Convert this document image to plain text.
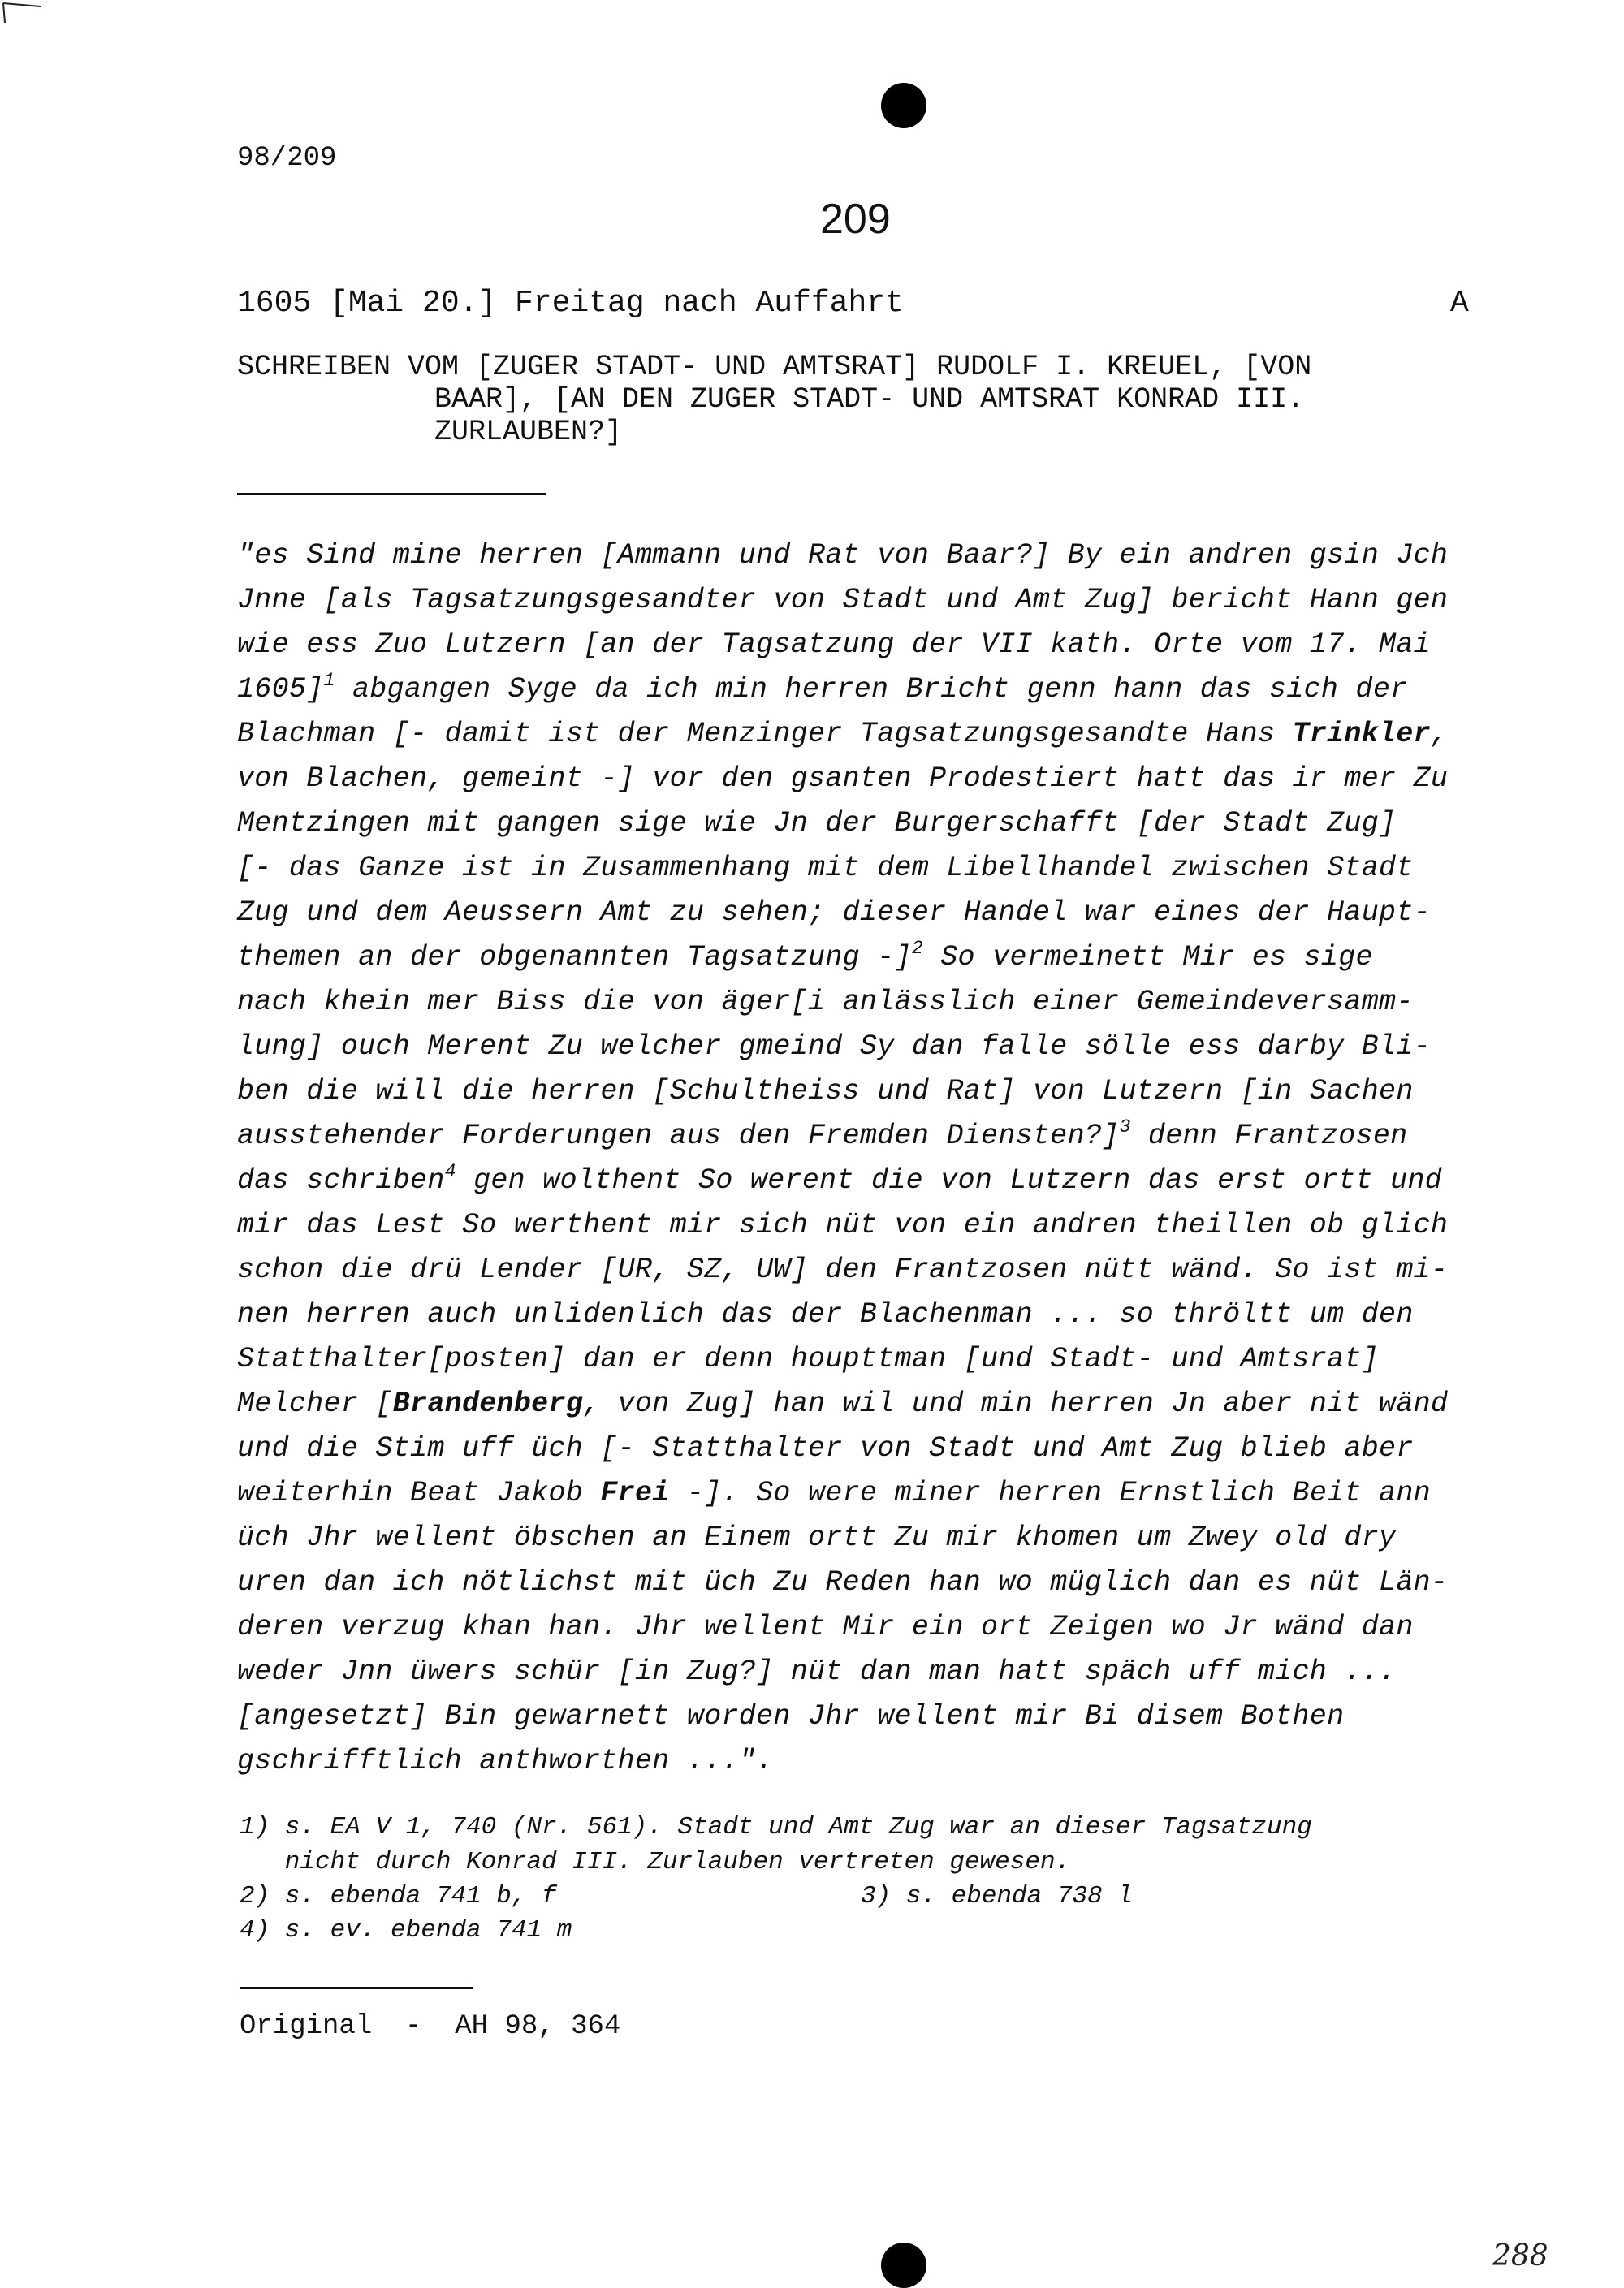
98/209
209
1605 [Mai 20.] Freitag nach Auffahrt	A
SCHREIBEN VOM [ZUGER STADT- UND AMTSRAT] RUDOLF I. KREUEL, [VON
BAAR], [AN DEN ZUGER STADT- UND AMTSRAT KONRAD III.
ZURLAUBEN?]
"es Sind mine herren [Ammann und Rat von Baar?] By ein andren gsin Jch
Jnne [als Tagsatzungsgesandter von Stadt und Amt Zug] bericht Hann gen
wie ess Zuo Lutzern [an der Tagsatzung der VII kath. Orte vom 17. Mai
1605]$^1$ abgangen Syge da ich min herren Bricht genn hann das sich der
Blachman [- damit ist der Menzinger Tagsatzungsgesandte Hans Trinkler,
von Blachen, gemeint -] vor den gsanten Prodestiert hatt das ir mer Zu
Mentzingen mit gangen sige wie Jn der Burgerschafft [der Stadt Zug]
[- das Ganze ist in Zusammenhang mit dem Libellhandel zwischen Stadt
Zug und dem Aeussern Amt zu sehen; dieser Handel war eines der Haupt-
themen an der obgenannten Tagsatzung -]$^2$ So vermeinett Mir es sige
nach khein mer Biss die von äger[i anlässlich einer Gemeindeversamm-
lung] ouch Merent Zu welcher gmeind Sy dan falle sölle ess darby Bli-
ben die will die herren [Schultheiss und Rat] von Lutzern [in Sachen
ausstehender Forderungen aus den Fremden Diensten?]$^3$ denn Frantzosen
das schriben$^4$ gen wolthent So werent die von Lutzern das erst ortt und
mir das Lest So werthent mir sich nüt von ein andren theillen ob glich
schon die drü Lender [UR, SZ, UW] den Frantzosen nütt wänd. So ist mi-
nen herren auch unlidenlich das der Blachenman ... so thröltt um den
Statthalter[posten] dan er denn houpttman [und Stadt- und Amtsrat]
Melcher [Brandenberg, von Zug] han wil und min herren Jn aber nit wänd
und die Stim uff üch [- Statthalter von Stadt und Amt Zug blieb aber
weiterhin Beat Jakob Frei -]. So were miner herren Ernstlich Beit ann
üch Jhr wellent öbschen an Einem ortt Zu mir khomen um Zwey old dry
uren dan ich nötlichst mit üch Zu Reden han wo müglich dan es nüt Län-
deren verzug khan han. Jhr wellent Mir ein ort Zeigen wo Jr wänd dan
weder Jnn üwers schür [in Zug?] nüt dan man hatt späch uff mich ...
[angesetzt] Bin gewarnett worden Jhr wellent mir Bi disem Bothen
gschrifftlich anthworthen ...".
1) s. EA V 1, 740 (Nr. 561). Stadt und Amt Zug war an dieser Tagsatzung
nicht durch Konrad III. Zurlauben vertreten gewesen.
2) s. ebenda 741 b, f	3) s. ebenda 738 l
4) s. ev. ebenda 741 m
Original  -  AH 98, 364
288
